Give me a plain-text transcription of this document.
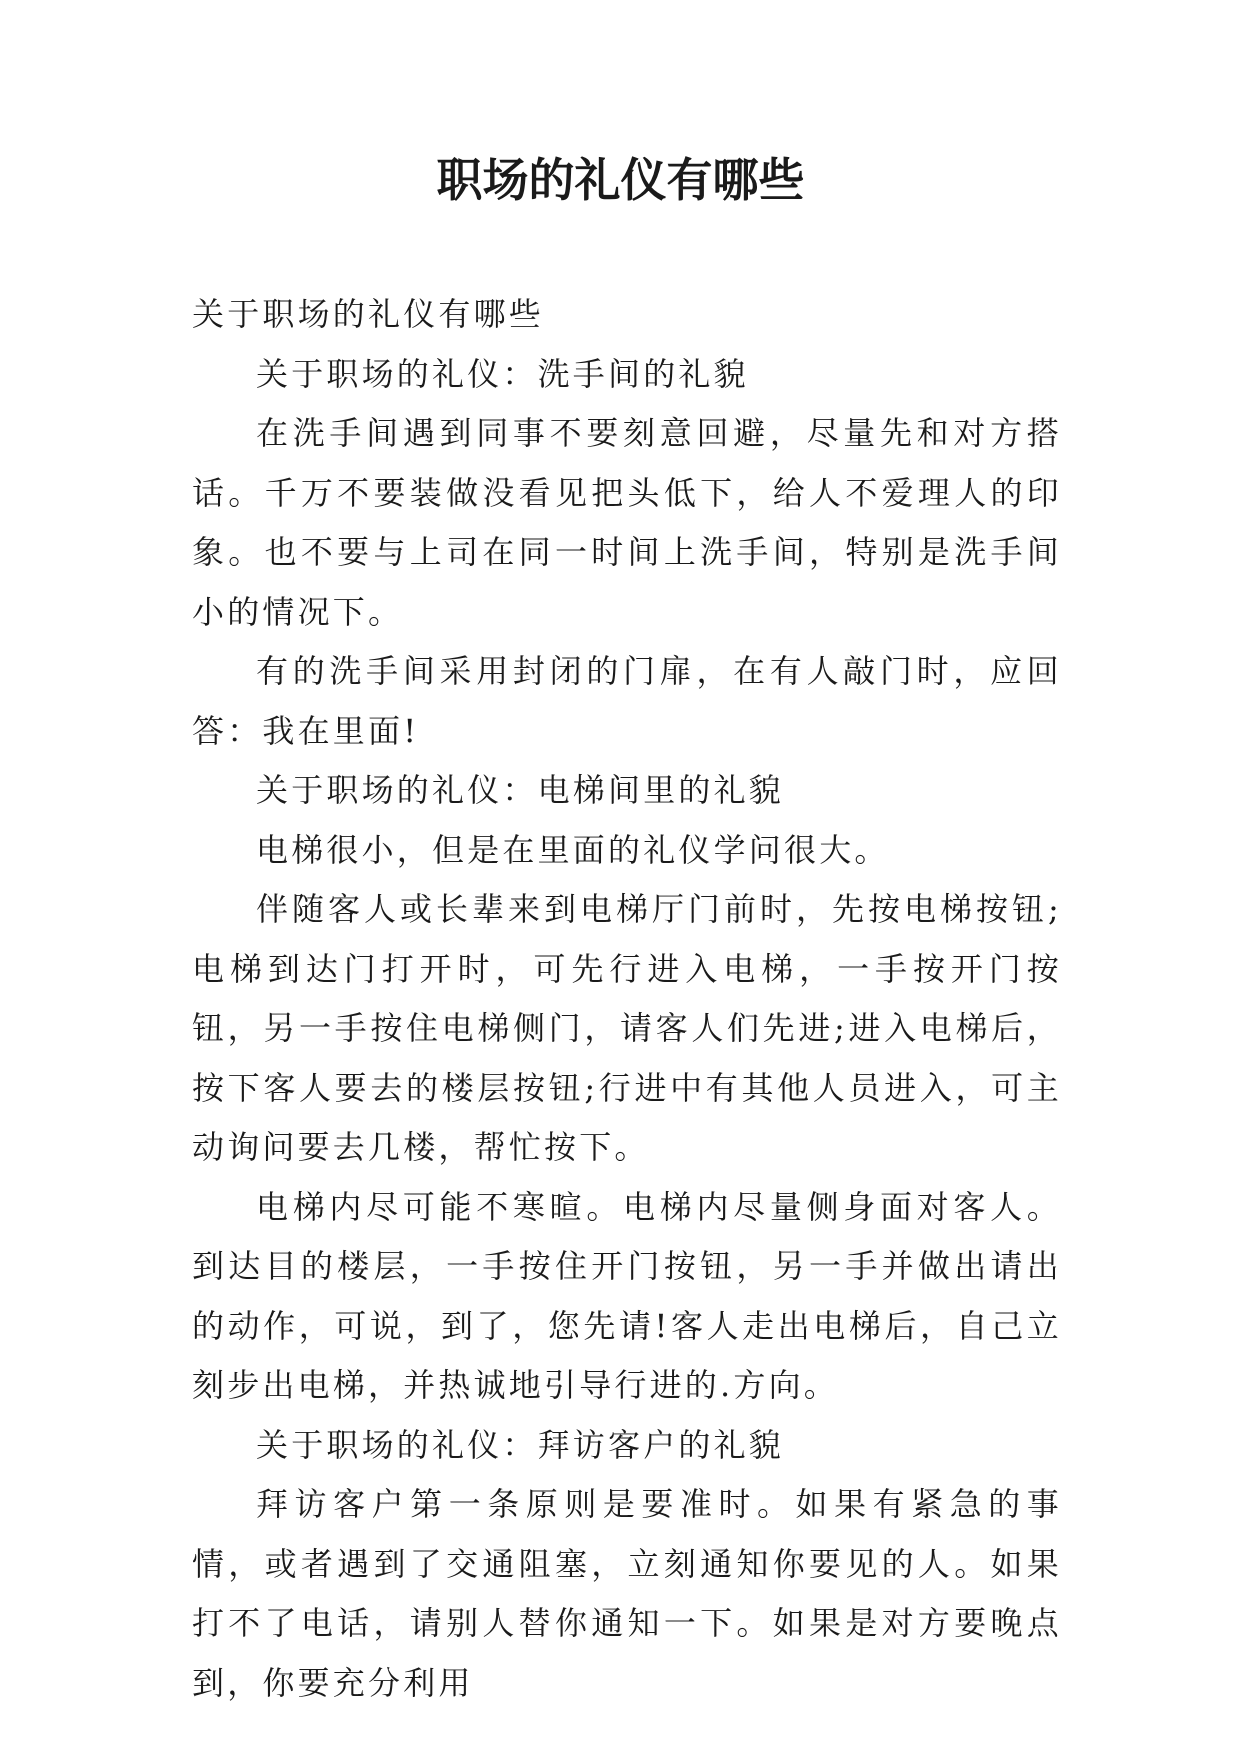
职场的礼仪有哪些

关于职场的礼仪有哪些

关于职场的礼仪：洗手间的礼貌

在洗手间遇到同事不要刻意回避，尽量先和对方搭话。千万不要装做没看见把头低下，给人不爱理人的印象。也不要与上司在同一时间上洗手间，特别是洗手间小的情况下。

有的洗手间采用封闭的门扉，在有人敲门时，应回答：我在里面!

关于职场的礼仪：电梯间里的礼貌

电梯很小，但是在里面的礼仪学问很大。

伴随客人或长辈来到电梯厅门前时，先按电梯按钮;电梯到达门打开时，可先行进入电梯，一手按开门按钮，另一手按住电梯侧门，请客人们先进;进入电梯后，按下客人要去的楼层按钮;行进中有其他人员进入，可主动询问要去几楼，帮忙按下。

电梯内尽可能不寒暄。电梯内尽量侧身面对客人。到达目的楼层，一手按住开门按钮，另一手并做出请出的动作，可说，到了，您先请!客人走出电梯后，自己立刻步出电梯，并热诚地引导行进的.方向。

关于职场的礼仪：拜访客户的礼貌

拜访客户第一条原则是要准时。如果有紧急的事情，或者遇到了交通阻塞，立刻通知你要见的人。如果打不了电话，请别人替你通知一下。如果是对方要晚点到，你要充分利用
